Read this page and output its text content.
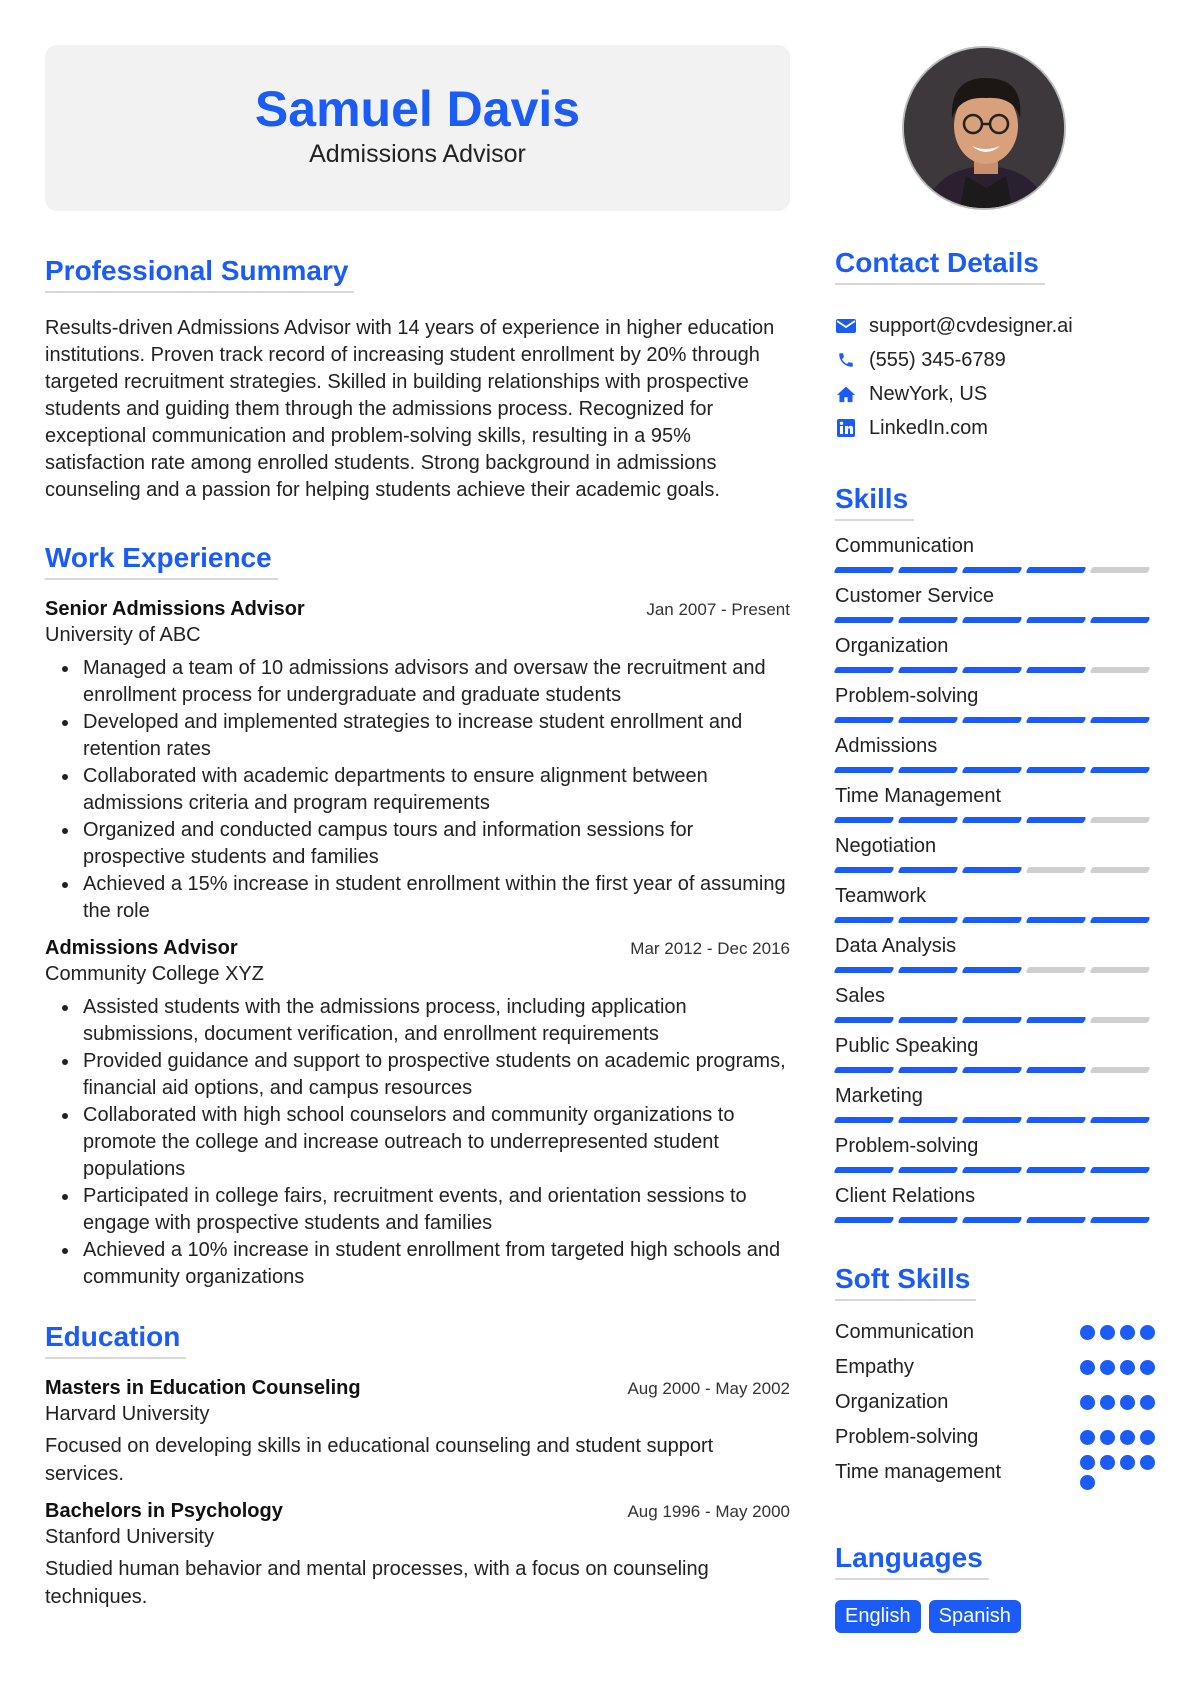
Samuel Davis
Admissions Advisor
Professional Summary

Results-driven Admissions Advisor with 14 years of experience in higher education institutions. Proven track record of increasing student enrollment by 20% through targeted recruitment strategies. Skilled in building relationships with prospective students and guiding them through the admissions process. Recognized for exceptional communication and problem-solving skills, resulting in a 95% satisfaction rate among enrolled students. Strong background in admissions counseling and a passion for helping students achieve their academic goals.

Work Experience
Senior Admissions Advisor	Jan 2007 - Present
University of ABC
Managed a team of 10 admissions advisors and oversaw the recruitment and enrollment process for undergraduate and graduate students
Developed and implemented strategies to increase student enrollment and retention rates
Collaborated with academic departments to ensure alignment between admissions criteria and program requirements
Organized and conducted campus tours and information sessions for prospective students and families
Achieved a 15% increase in student enrollment within the first year of assuming the role
Admissions Advisor	Mar 2012 - Dec 2016
Community College XYZ
Assisted students with the admissions process, including application submissions, document verification, and enrollment requirements
Provided guidance and support to prospective students on academic programs, financial aid options, and campus resources
Collaborated with high school counselors and community organizations to promote the college and increase outreach to underrepresented student populations
Participated in college fairs, recruitment events, and orientation sessions to engage with prospective students and families
Achieved a 10% increase in student enrollment from targeted high schools and community organizations
Education
Masters in Education Counseling	Aug 2000 - May 2002
Harvard University

Focused on developing skills in educational counseling and student support services.

Bachelors in Psychology	Aug 1996 - May 2000
Stanford University

Studied human behavior and mental processes, with a focus on counseling techniques.

Contact Details
support@cvdesigner.ai
(555) 345-6789
NewYork, US
LinkedIn.com
Skills
Communication
Customer Service
Organization
Problem-solving
Admissions
Time Management
Negotiation
Teamwork
Data Analysis
Sales
Public Speaking
Marketing
Problem-solving
Client Relations
Soft Skills
Communication
Empathy
Organization
Problem-solving
Time management
Languages
English	Spanish
